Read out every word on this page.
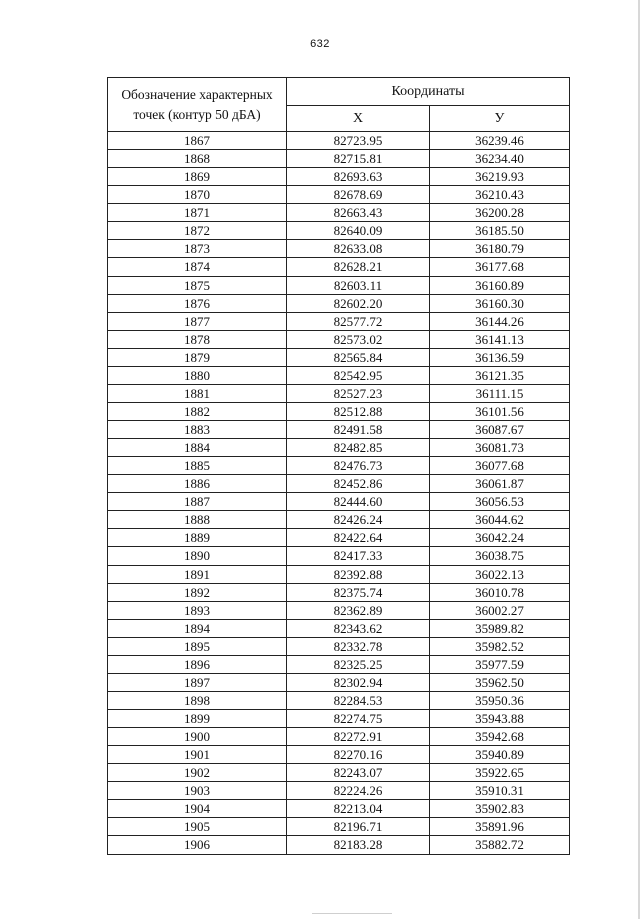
632
Обозначение характерных точек (контур 50 дБА)	Координаты	
	Х	У
1867	82723.95	36239.46
1868	82715.81	36234.40
1869	82693.63	36219.93
1870	82678.69	36210.43
1871	82663.43	36200.28
1872	82640.09	36185.50
1873	82633.08	36180.79
1874	82628.21	36177.68
1875	82603.11	36160.89
1876	82602.20	36160.30
1877	82577.72	36144.26
1878	82573.02	36141.13
1879	82565.84	36136.59
1880	82542.95	36121.35
1881	82527.23	36111.15
1882	82512.88	36101.56
1883	82491.58	36087.67
1884	82482.85	36081.73
1885	82476.73	36077.68
1886	82452.86	36061.87
1887	82444.60	36056.53
1888	82426.24	36044.62
1889	82422.64	36042.24
1890	82417.33	36038.75
1891	82392.88	36022.13
1892	82375.74	36010.78
1893	82362.89	36002.27
1894	82343.62	35989.82
1895	82332.78	35982.52
1896	82325.25	35977.59
1897	82302.94	35962.50
1898	82284.53	35950.36
1899	82274.75	35943.88
1900	82272.91	35942.68
1901	82270.16	35940.89
1902	82243.07	35922.65
1903	82224.26	35910.31
1904	82213.04	35902.83
1905	82196.71	35891.96
1906	82183.28	35882.72
